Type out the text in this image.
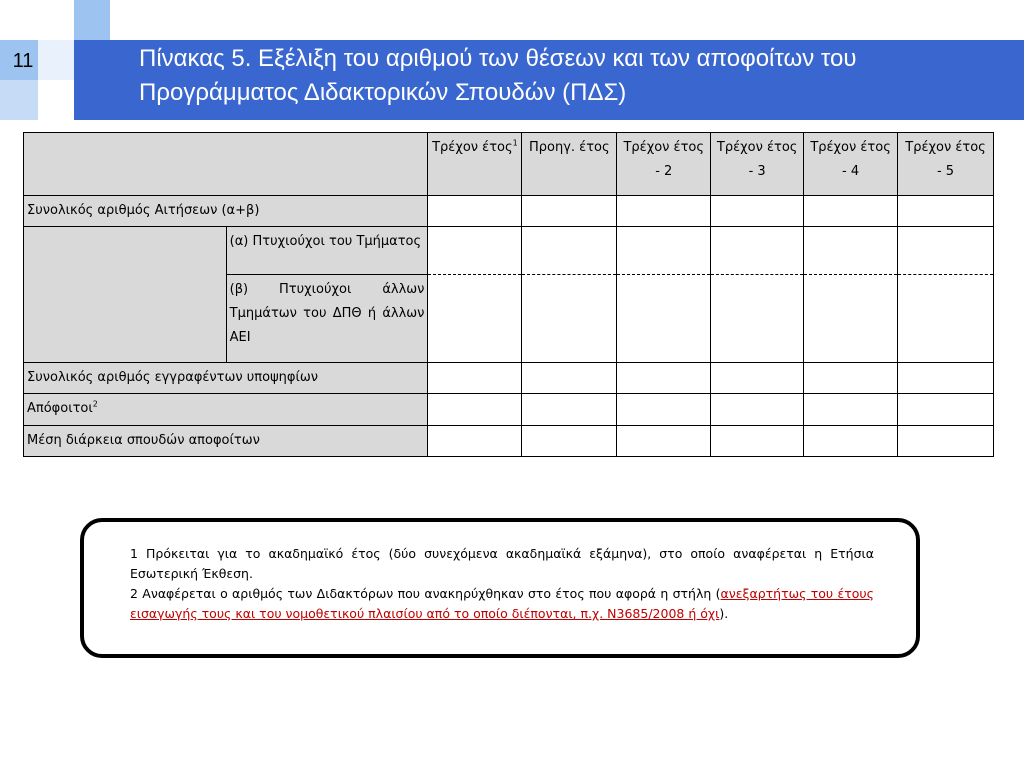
11	Πίνακας 5. Εξέλιξη του αριθμού των θέσεων και των αποφοίτων του Προγράμματος Διδακτορικών Σπουδών (ΠΔΣ)
		Τρέχον έτος$^1$	Προηγ. έτος	Τρέχον έτος - 2	Τρέχον έτος - 3	Τρέχον έτος - 4	Τρέχον έτος - 5
Συνολικός αριθμός Αιτήσεων (α+β)							
	(α) Πτυχιούχοι του Τμήματος						
	(β) Πτυχιούχοι άλλων Τμημάτων του ΔΠΘ ή άλλων ΑΕΙ						
Συνολικός αριθμός εγγραφέντων υποψηφίων							
Απόφοιτοι$^2$						
Μέση διάρκεια σπουδών αποφοίτων							
1 Πρόκειται για το ακαδημαϊκό έτος (δύο συνεχόμενα ακαδημαϊκά εξάμηνα), στο οποίο αναφέρεται η Ετήσια Εσωτερική Έκθεση.
2 Αναφέρεται ο αριθμός των Διδακτόρων που ανακηρύχθηκαν στο έτος που αφορά η στήλη (ανεξαρτήτως του έτους εισαγωγής τους και του νομοθετικού πλαισίου από το οποίο διέπονται, π.χ. Ν3685/2008 ή όχι).
